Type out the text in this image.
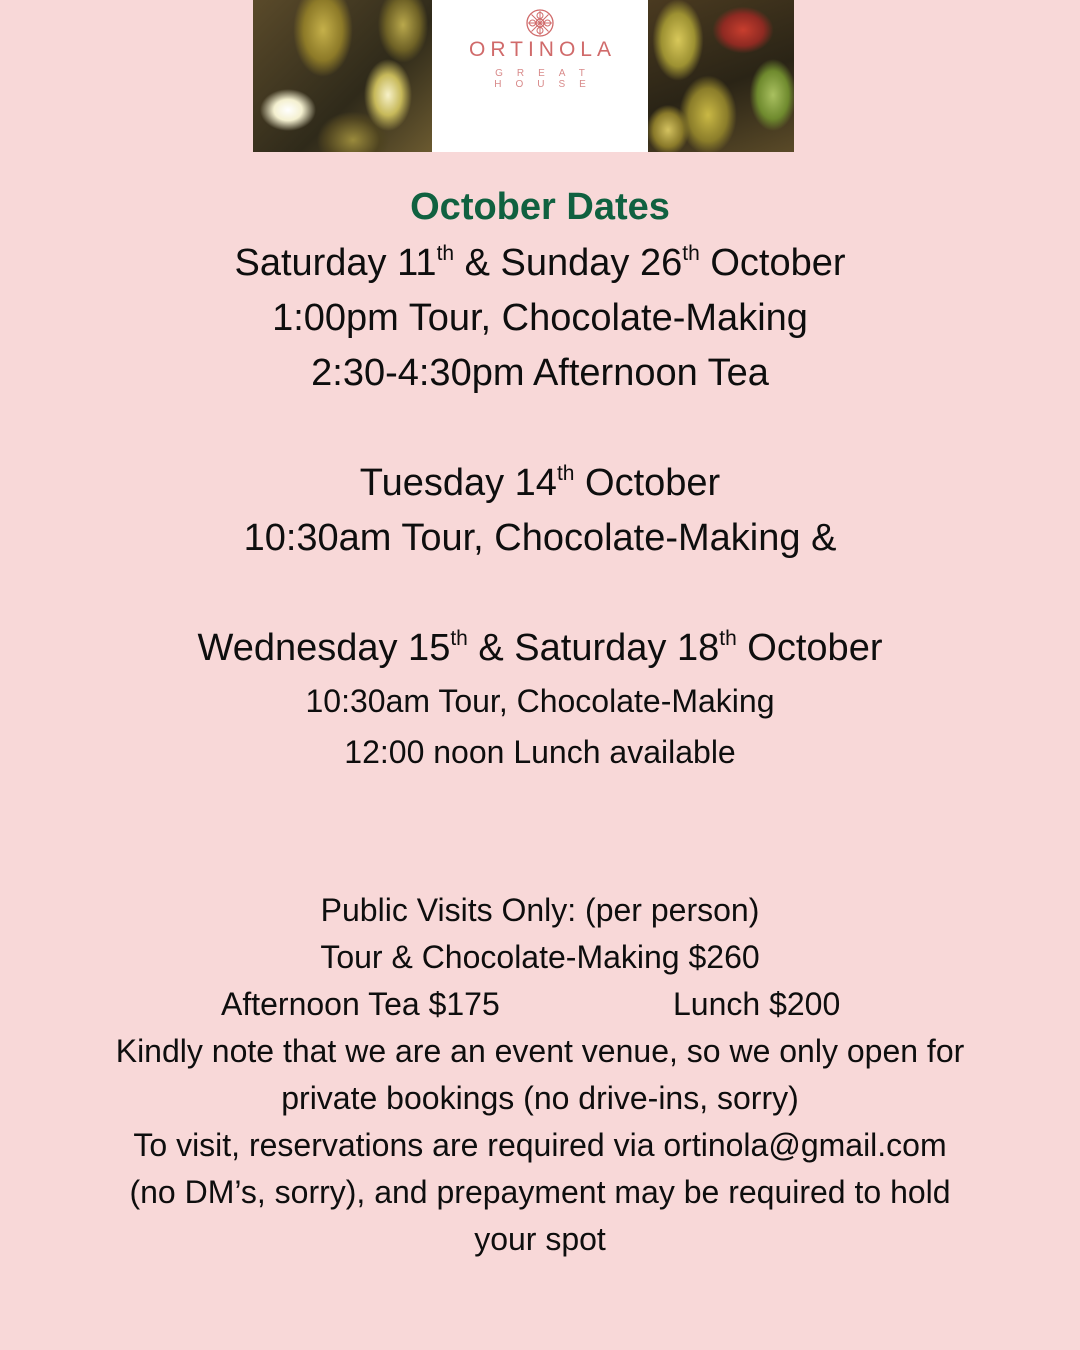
ORTINOLA
GREAT HOUSE
October Dates
Saturday 11th & Sunday 26th October
1:00pm Tour, Chocolate-Making
2:30-4:30pm Afternoon Tea
Tuesday 14th October
10:30am Tour, Chocolate-Making &
Wednesday 15th & Saturday 18th October
10:30am Tour, Chocolate-Making
12:00 noon Lunch available
Public Visits Only: (per person)
Tour & Chocolate-Making $260
Afternoon Tea $175	Lunch $200
Kindly note that we are an event venue, so we only open for
private bookings (no drive-ins, sorry)
To visit, reservations are required via ortinola@gmail.com
(no DM’s, sorry), and prepayment may be required to hold
your spot
